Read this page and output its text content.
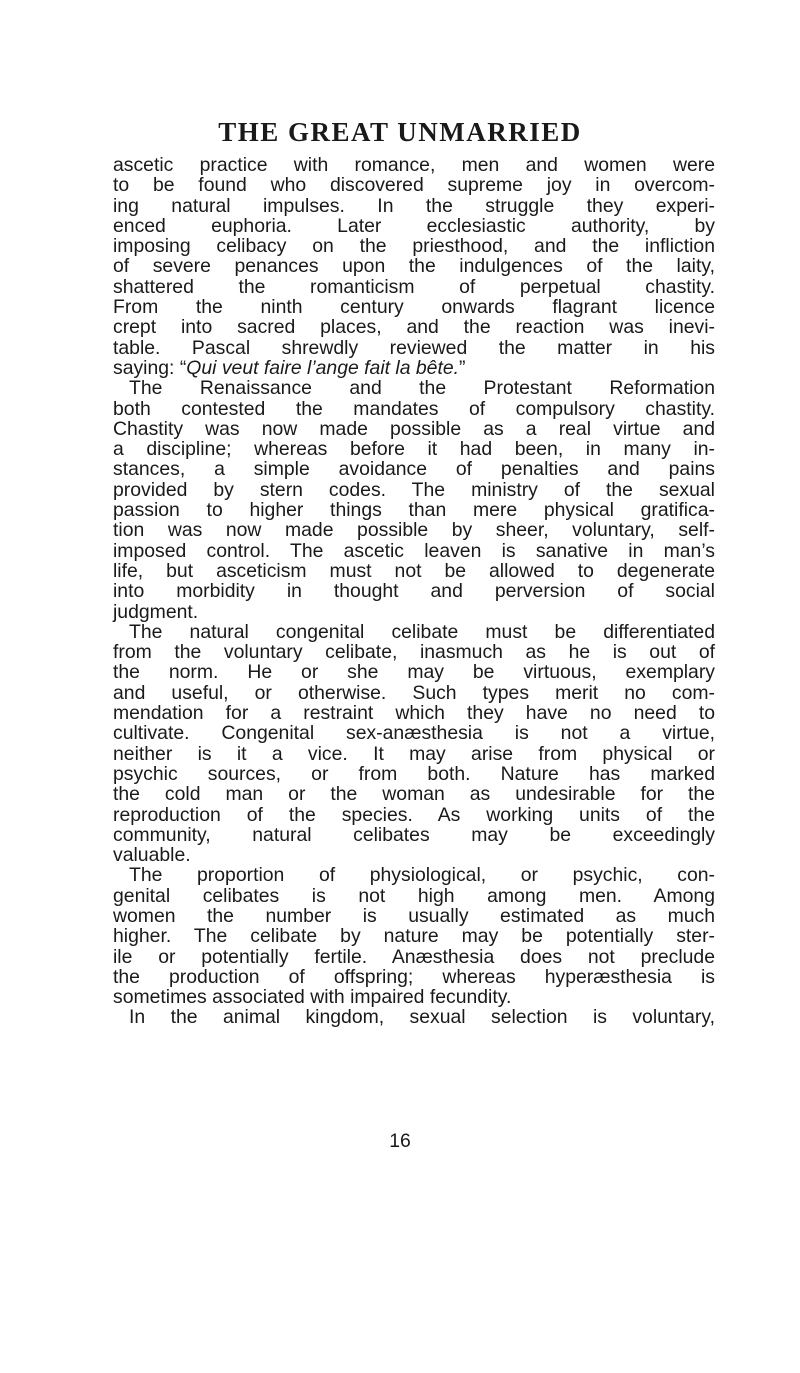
THE GREAT UNMARRIED
ascetic practice with romance, men and women were
to be found who discovered supreme joy in overcom-
ing natural impulses. In the struggle they experi-
enced euphoria. Later ecclesiastic authority, by
imposing celibacy on the priesthood, and the infliction
of severe penances upon the indulgences of the laity,
shattered the romanticism of perpetual chastity.
From the ninth century onwards flagrant licence
crept into sacred places, and the reaction was inevi-
table. Pascal shrewdly reviewed the matter in his
saying: “Qui veut faire l’ange fait la bête.”
The Renaissance and the Protestant Reformation
both contested the mandates of compulsory chastity.
Chastity was now made possible as a real virtue and
a discipline; whereas before it had been, in many in-
stances, a simple avoidance of penalties and pains
provided by stern codes. The ministry of the sexual
passion to higher things than mere physical gratifica-
tion was now made possible by sheer, voluntary, self-
imposed control. The ascetic leaven is sanative in man’s
life, but asceticism must not be allowed to degenerate
into morbidity in thought and perversion of social
judgment.
The natural congenital celibate must be differentiated
from the voluntary celibate, inasmuch as he is out of
the norm. He or she may be virtuous, exemplary
and useful, or otherwise. Such types merit no com-
mendation for a restraint which they have no need to
cultivate. Congenital sex-anæsthesia is not a virtue,
neither is it a vice. It may arise from physical or
psychic sources, or from both. Nature has marked
the cold man or the woman as undesirable for the
reproduction of the species. As working units of the
community, natural celibates may be exceedingly
valuable.
The proportion of physiological, or psychic, con-
genital celibates is not high among men. Among
women the number is usually estimated as much
higher. The celibate by nature may be potentially ster-
ile or potentially fertile. Anæsthesia does not preclude
the production of offspring; whereas hyperæsthesia is
sometimes associated with impaired fecundity.
In the animal kingdom, sexual selection is voluntary,
16
